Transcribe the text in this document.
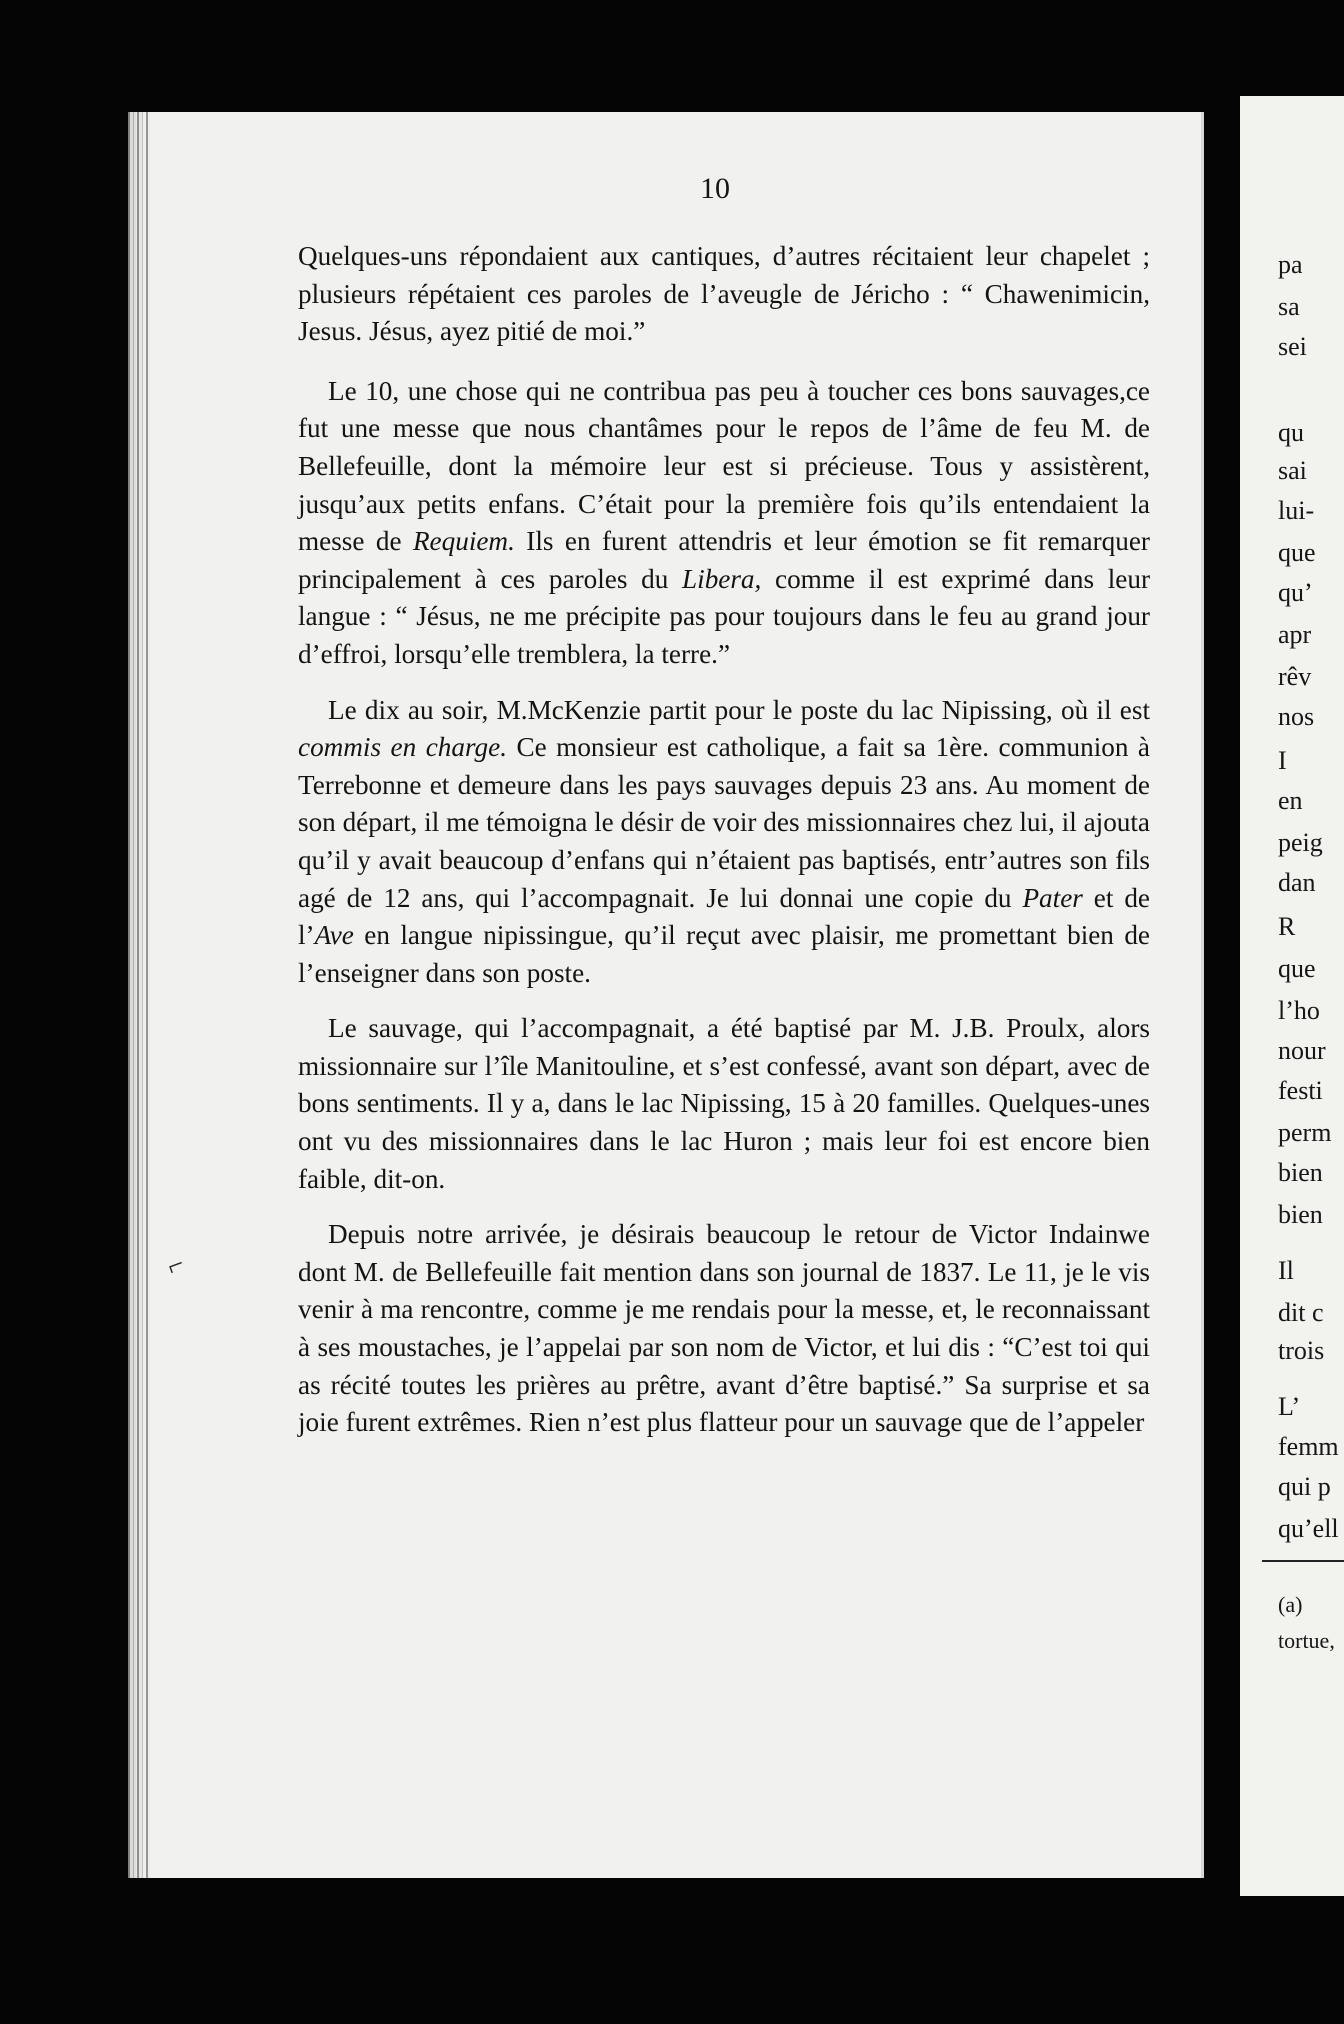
10

Quelques-uns répondaient aux cantiques, d’autres récitaient leur chapelet ; plusieurs répétaient ces paroles de l’aveugle de Jéricho : “ Chawenimicin, Jesus. Jésus, ayez pitié de moi.”

Le 10, une chose qui ne contribua pas peu à toucher ces bons sauvages,ce fut une messe que nous chantâmes pour le repos de l’âme de feu M. de Bellefeuille, dont la mémoire leur est si précieuse. Tous y assistèrent, jusqu’aux petits enfans. C’était pour la première fois qu’ils entendaient la messe de Requiem. Ils en furent attendris et leur émotion se fit remarquer principalement à ces paroles du Libera, comme il est exprimé dans leur langue : “ Jésus, ne me précipite pas pour toujours dans le feu au grand jour d’effroi, lorsqu’elle tremblera, la terre.”

Le dix au soir, M.McKenzie partit pour le poste du lac Nipissing, où il est commis en charge. Ce monsieur est catholique, a fait sa 1ère. communion à Terrebonne et demeure dans les pays sauvages depuis 23 ans. Au moment de son départ, il me témoigna le désir de voir des missionnaires chez lui, il ajouta qu’il y avait beaucoup d’enfans qui n’étaient pas baptisés, entr’autres son fils agé de 12 ans, qui l’accompagnait. Je lui donnai une copie du Pater et de l’Ave en langue nipissingue, qu’il reçut avec plaisir, me promettant bien de l’enseigner dans son poste.

Le sauvage, qui l’accompagnait, a été baptisé par M. J.B. Proulx, alors missionnaire sur l’île Manitouline, et s’est confessé, avant son départ, avec de bons sentiments. Il y a, dans le lac Nipissing, 15 à 20 familles. Quelques-unes ont vu des missionnaires dans le lac Huron ; mais leur foi est encore bien faible, dit-on.

Depuis notre arrivée, je désirais beaucoup le retour de Victor Indainwe dont M. de Bellefeuille fait mention dans son journal de 1837. Le 11, je le vis venir à ma rencontre, comme je me rendais pour la messe, et, le reconnaissant à ses moustaches, je l’appelai par son nom de Victor, et lui dis : “C’est toi qui as récité toutes les prières au prêtre, avant d’être baptisé.” Sa surprise et sa joie furent extrêmes. Rien n’est plus flatteur pour un sauvage que de l’appeler

pa
sa
sei
qu
sai
lui-
que
qu’
apr
rêv
nos
I
en
peig
dan
R
que
l’ho
nour
festi
perm
bien
bien
Il
dit c
trois
L’
femm
qui p
qu’ell
(a)
tortue,
⌐
